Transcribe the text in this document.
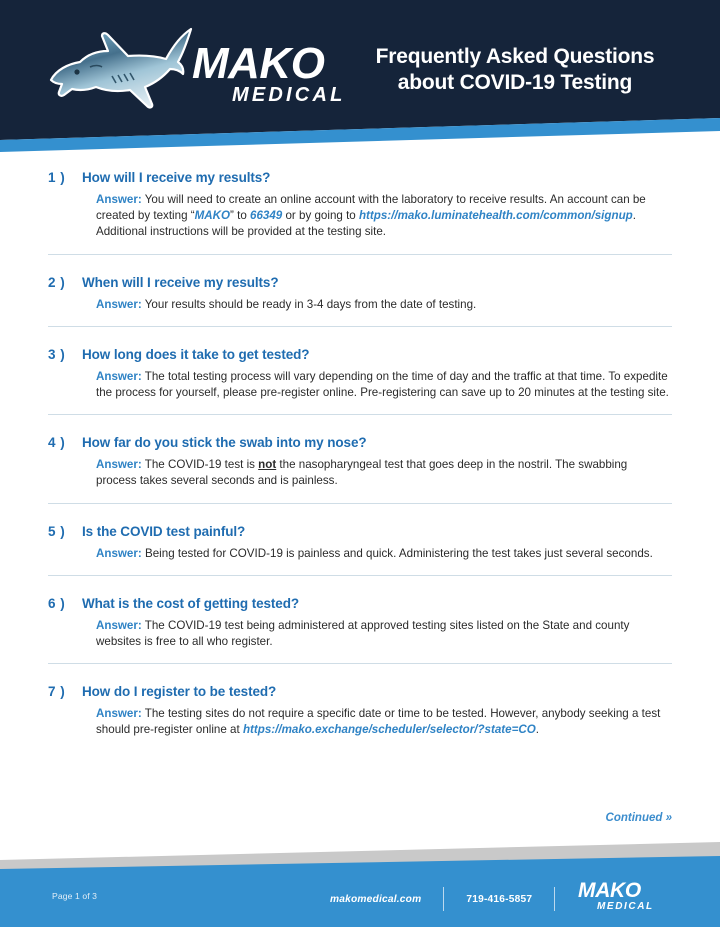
MAKO
MEDICAL
Frequently Asked Questions
about COVID-19 Testing
1 )	How will I receive my results?
Answer: You will need to create an online account with the laboratory to receive results. An account can be created by texting “MAKO” to 66349 or by going to https://mako.luminatehealth.com/common/signup. Additional instructions will be provided at the testing site.
2 )	When will I receive my results?
Answer: Your results should be ready in 3-4 days from the date of testing.
3 )	How long does it take to get tested?
Answer: The total testing process will vary depending on the time of day and the traffic at that time. To expedite the process for yourself, please pre-register online. Pre-registering can save up to 20 minutes at the testing site.
4 )	How far do you stick the swab into my nose?
Answer: The COVID-19 test is not the nasopharyngeal test that goes deep in the nostril. The swabbing process takes several seconds and is painless.
5 )	Is the COVID test painful?
Answer: Being tested for COVID-19 is painless and quick. Administering the test takes just several seconds.
6 )	What is the cost of getting tested?
Answer: The COVID-19 test being administered at approved testing sites listed on the State and county websites is free to all who register.
7 )	How do I register to be tested?
Answer: The testing sites do not require a specific date or time to be tested. However, anybody seeking a test should pre-register online at https://mako.exchange/scheduler/selector/?state=CO.
Continued »
Page 1 of 3	makomedical.com	719-416-5857 MAKO
MEDICAL
